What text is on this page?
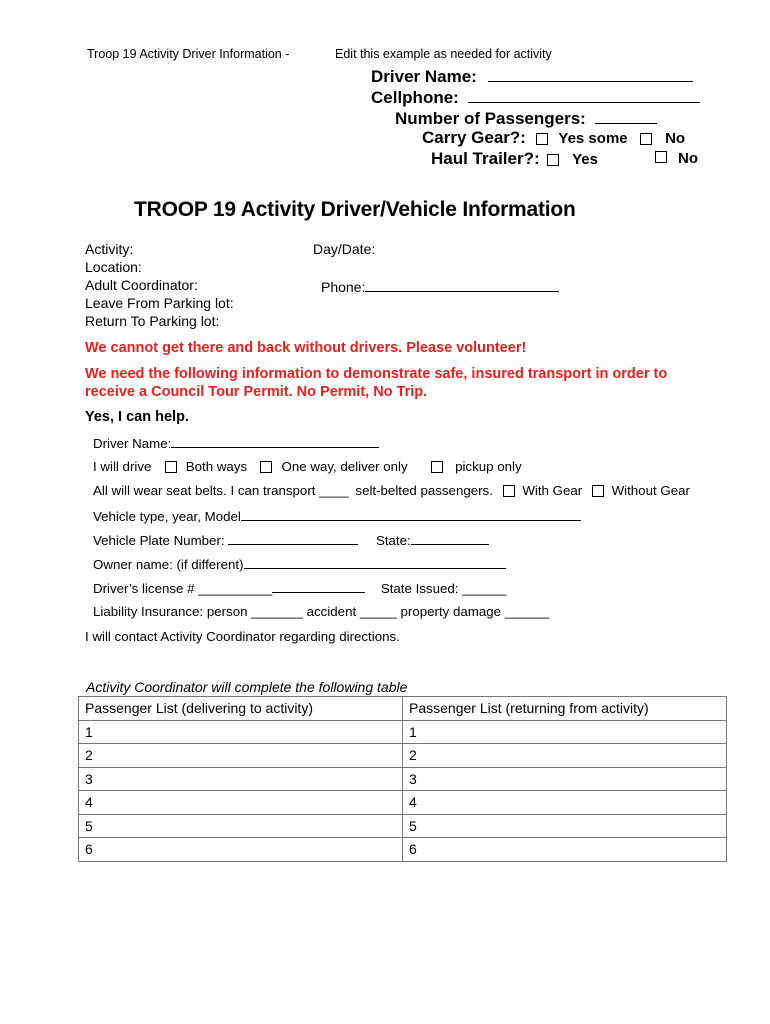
Troop 19 Activity Driver Information -	Edit this example as needed for activity
Driver Name:
Cellphone:
Number of Passengers:
Carry Gear?: Yes some No
Haul Trailer?: Yes	No
TROOP 19 Activity Driver/Vehicle Information
Activity:
Location:
Adult Coordinator:
Leave From Parking lot:
Return To Parking lot:
Day/Date:
Phone:
We cannot get there and back without drivers. Please volunteer!
We need the following information to demonstrate safe, insured transport in order to
receive a Council Tour Permit. No Permit, No Trip.
Yes, I can help.
Driver Name:
I will drive	Both ways	One way, deliver only	pickup only
All will wear seat belts. I can transport ____ selt-belted passengers. With Gear Without Gear
Vehicle type, year, Model
Vehicle Plate Number:	State:
Owner name: (if different)
Driver’s license # __________	State Issued: ______
Liability Insurance: person _______ accident _____ property damage ______
I will contact Activity Coordinator regarding directions.
Activity Coordinator will complete the following table
Passenger List (delivering to activity)	Passenger List (returning from activity)
1	1
2	2
3	3
4	4
5	5
6	6
